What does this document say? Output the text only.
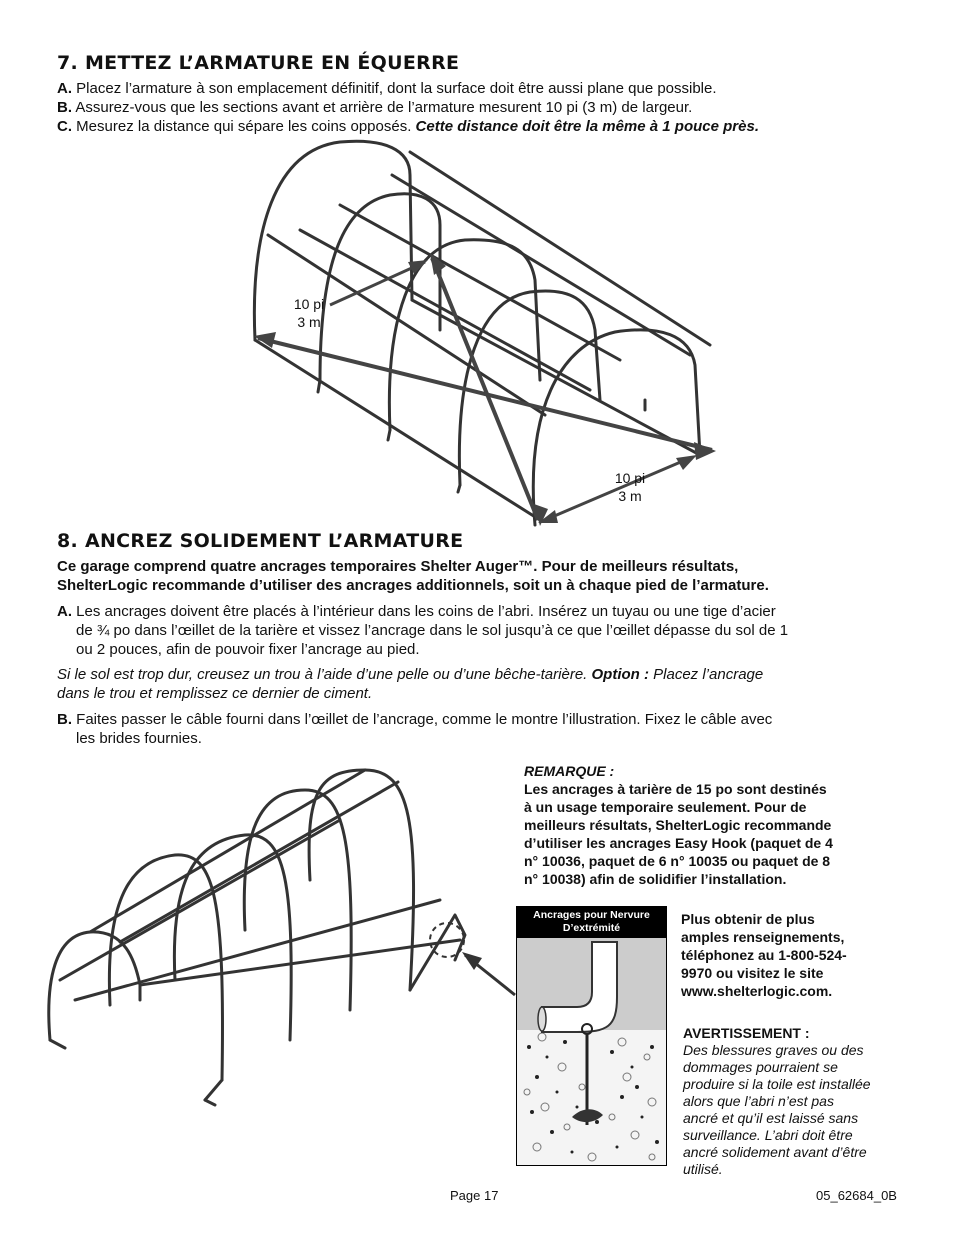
7. METTEZ L’ARMATURE EN ÉQUERRE
A. Placez l’armature à son emplacement définitif, dont la surface doit être aussi plane que possible.
B. Assurez-vous que les sections avant et arrière de l’armature mesurent 10 pi (3 m) de largeur.
C. Mesurez la distance qui sépare les coins opposés. Cette distance doit être la même à 1 pouce près.
10 pi
3 m
10 pi
3 m
8. ANCREZ SOLIDEMENT L’ARMATURE
Ce garage comprend quatre ancrages temporaires Shelter Auger™. Pour de meilleurs résultats,
ShelterLogic recommande d’utiliser des ancrages additionnels, soit un à chaque pied de l’armature.
A. Les ancrages doivent être placés à l’intérieur dans les coins de l’abri. Insérez un tuyau ou une tige d’acier
de ¾ po dans l’œillet de la tarière et vissez l’ancrage dans le sol jusqu’à ce que l’œillet dépasse du sol de 1
ou 2 pouces, afin de pouvoir fixer l’ancrage au pied.
Si le sol est trop dur, creusez un trou à l’aide d’une pelle ou d’une bêche-tarière. Option : Placez l’ancrage
dans le trou et remplissez ce dernier de ciment.
B. Faites passer le câble fourni dans l’œillet de l’ancrage, comme le montre l’illustration. Fixez le câble avec
les brides fournies.
REMARQUE :
Les ancrages à tarière de 15 po sont destinés
à un usage temporaire seulement. Pour de
meilleurs résultats, ShelterLogic recommande
d’utiliser les ancrages Easy Hook (paquet de 4
n° 10036, paquet de 6 n° 10035 ou paquet de 8
n° 10038) afin de solidifier l’installation.
Ancrages pour Nervure
D’extrémité
Plus obtenir de plus
amples renseignements,
téléphonez au 1-800-524-
9970 ou visitez le site
www.shelterlogic.com.
AVERTISSEMENT :
Des blessures graves ou des
dommages pourraient se
produire si la toile est installée
alors que l’abri n’est pas
ancré et qu’il est laissé sans
surveillance. L’abri doit être
ancré solidement avant d’être
utilisé.
Page 17	05_62684_0B
